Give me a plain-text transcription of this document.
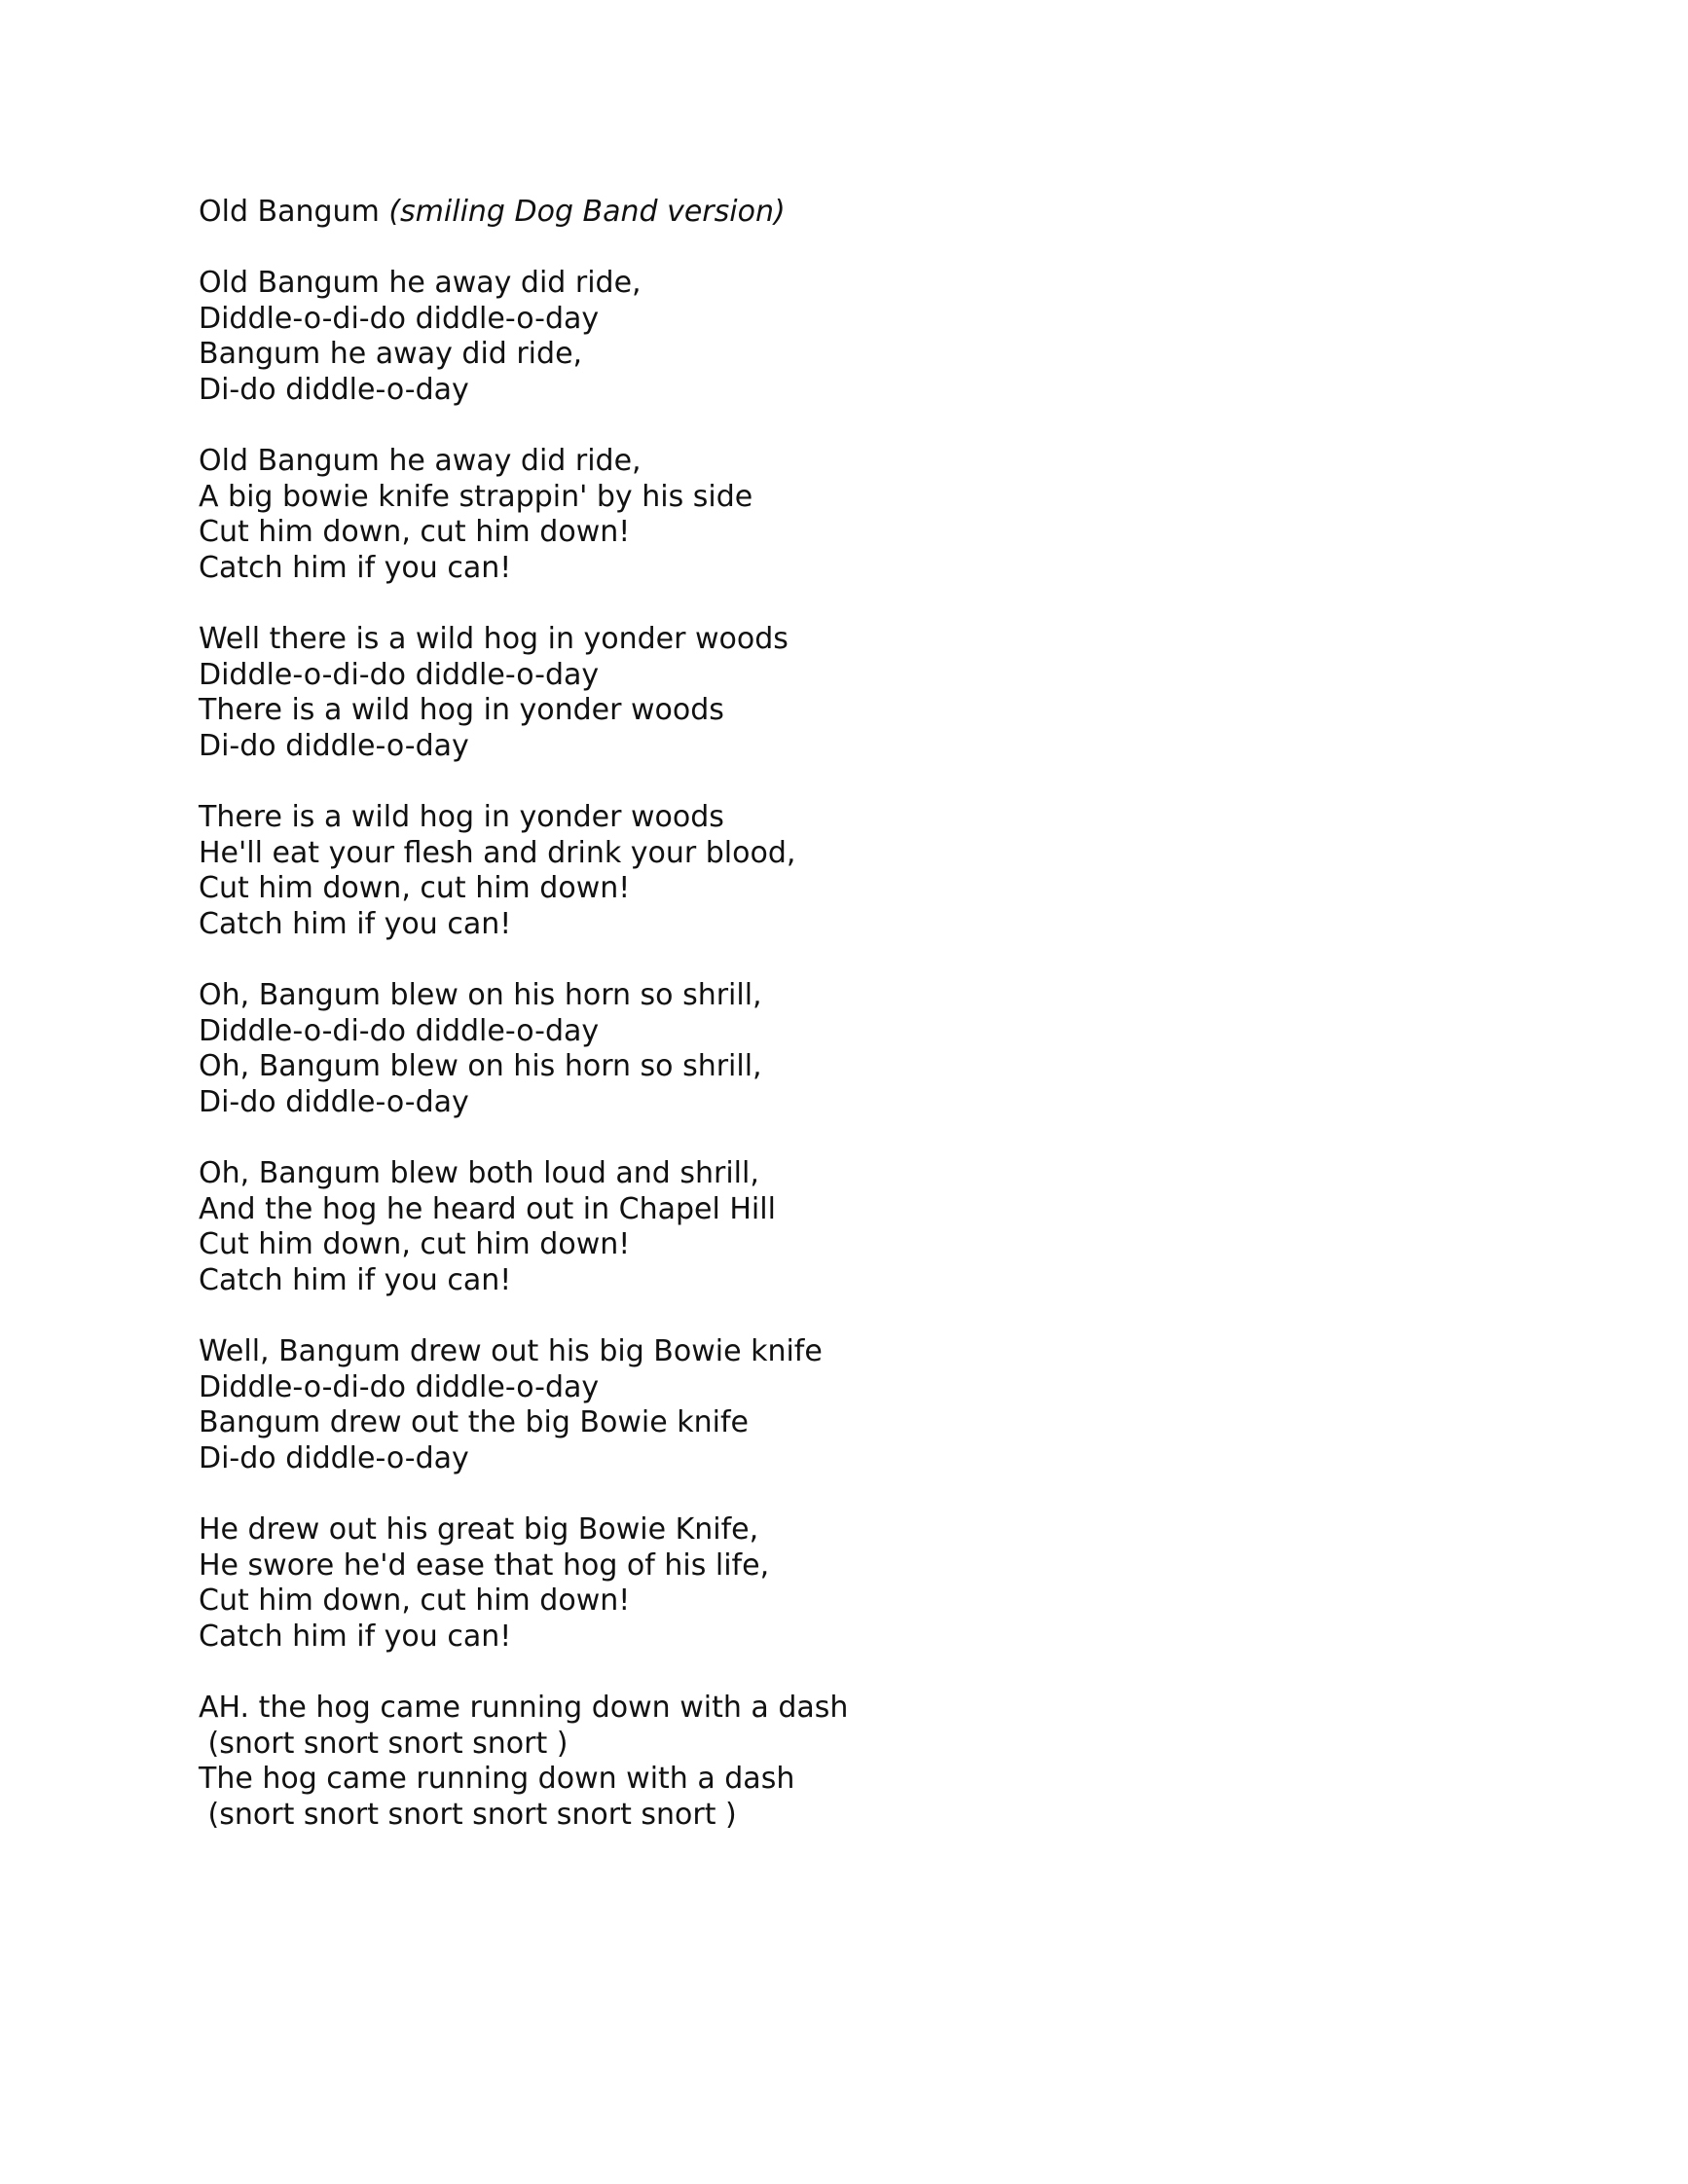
Old Bangum (smiling Dog Band version)
Old Bangum he away did ride,
Diddle-o-di-do diddle-o-day
Bangum he away did ride,
Di-do diddle-o-day
Old Bangum he away did ride,
A big bowie knife strappin' by his side
Cut him down, cut him down!
Catch him if you can!
Well there is a wild hog in yonder woods
Diddle-o-di-do diddle-o-day
There is a wild hog in yonder woods
Di-do diddle-o-day
There is a wild hog in yonder woods
He'll eat your flesh and drink your blood,
Cut him down, cut him down!
Catch him if you can!
Oh, Bangum blew on his horn so shrill,
Diddle-o-di-do diddle-o-day
Oh, Bangum blew on his horn so shrill,
Di-do diddle-o-day
Oh, Bangum blew both loud and shrill,
And the hog he heard out in Chapel Hill
Cut him down, cut him down!
Catch him if you can!
Well, Bangum drew out his big Bowie knife
Diddle-o-di-do diddle-o-day
Bangum drew out the big Bowie knife
Di-do diddle-o-day
He drew out his great big Bowie Knife,
He swore he'd ease that hog of his life,
Cut him down, cut him down!
Catch him if you can!
AH. the hog came running down with a dash
(snort snort snort snort )
The hog came running down with a dash
(snort snort snort snort snort snort )
